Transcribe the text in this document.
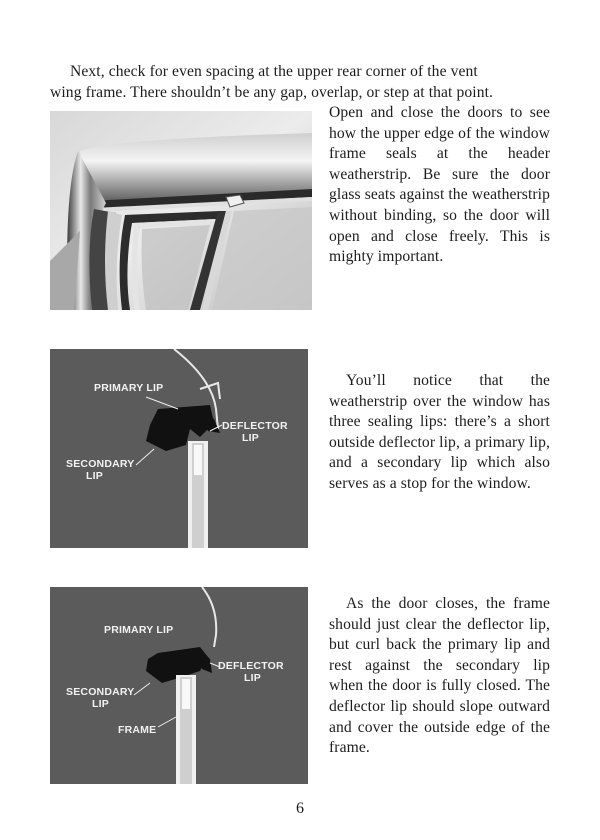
Next, check for even spacing at the upper rear corner of the vent
wing frame. There shouldn’t be any gap, overlap, or step at that point.

Open and close the doors to see how the upper edge of the window frame seals at the header weatherstrip. Be sure the door glass seats against the weatherstrip without binding, so the door will open and close freely. This is mighty important.

PRIMARY LIP
DEFLECTOR
LIP
SECONDARY
LIP

You’ll notice that the weatherstrip over the window has three sealing lips: there’s a short outside deflector lip, a primary lip, and a secondary lip which also serves as a stop for the window.

PRIMARY LIP
DEFLECTOR
LIP
SECONDARY
LIP
FRAME

As the door closes, the frame should just clear the deflector lip, but curl back the primary lip and rest against the secondary lip when the door is fully closed. The deflector lip should slope outward and cover the outside edge of the frame.

6
